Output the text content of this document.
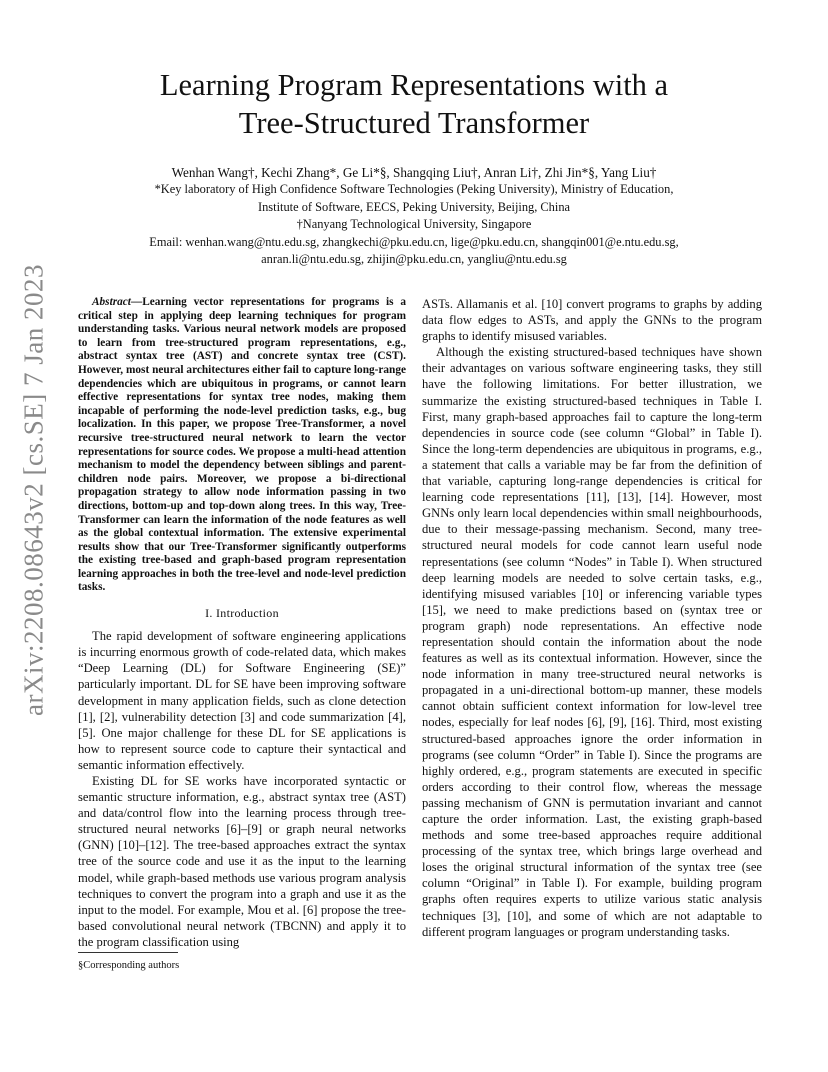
arXiv:2208.08643v2 [cs.SE] 7 Jan 2023
Learning Program Representations with a
Tree-Structured Transformer
Wenhan Wang†, Kechi Zhang*, Ge Li*§, Shangqing Liu†, Anran Li†, Zhi Jin*§, Yang Liu†
*Key laboratory of High Confidence Software Technologies (Peking University), Ministry of Education,
Institute of Software, EECS, Peking University, Beijing, China
†Nanyang Technological University, Singapore
Email: wenhan.wang@ntu.edu.sg, zhangkechi@pku.edu.cn, lige@pku.edu.cn, shangqin001@e.ntu.edu.sg,
anran.li@ntu.edu.sg, zhijin@pku.edu.cn, yangliu@ntu.edu.sg

Abstract—Learning vector representations for programs is a critical step in applying deep learning techniques for program understanding tasks. Various neural network models are proposed to learn from tree-structured program representations, e.g., abstract syntax tree (AST) and concrete syntax tree (CST). However, most neural architectures either fail to capture long-range dependencies which are ubiquitous in programs, or cannot learn effective representations for syntax tree nodes, making them incapable of performing the node-level prediction tasks, e.g., bug localization. In this paper, we propose Tree-Transformer, a novel recursive tree-structured neural network to learn the vector representations for source codes. We propose a multi-head attention mechanism to model the dependency between siblings and parent-children node pairs. Moreover, we propose a bi-directional propagation strategy to allow node information passing in two directions, bottom-up and top-down along trees. In this way, Tree-Transformer can learn the information of the node features as well as the global contextual information. The extensive experimental results show that our Tree-Transformer significantly outperforms the existing tree-based and graph-based program representation learning approaches in both the tree-level and node-level prediction tasks.

I. Introduction

The rapid development of software engineering applications is incurring enormous growth of code-related data, which makes “Deep Learning (DL) for Software Engineering (SE)” particularly important. DL for SE have been improving software development in many application fields, such as clone detection [1], [2], vulnerability detection [3] and code summarization [4], [5]. One major challenge for these DL for SE applications is how to represent source code to capture their syntactical and semantic information effectively.

Existing DL for SE works have incorporated syntactic or semantic structure information, e.g., abstract syntax tree (AST) and data/control flow into the learning process through tree-structured neural networks [6]–[9] or graph neural networks (GNN) [10]–[12]. The tree-based approaches extract the syntax tree of the source code and use it as the input to the learning model, while graph-based methods use various program analysis techniques to convert the program into a graph and use it as the input to the model. For example, Mou et al. [6] propose the tree-based convolutional neural network (TBCNN) and apply it to the program classification using

ASTs. Allamanis et al. [10] convert programs to graphs by adding data flow edges to ASTs, and apply the GNNs to the program graphs to identify misused variables.

Although the existing structured-based techniques have shown their advantages on various software engineering tasks, they still have the following limitations. For better illustration, we summarize the existing structured-based techniques in Table I. First, many graph-based approaches fail to capture the long-term dependencies in source code (see column “Global” in Table I). Since the long-term dependencies are ubiquitous in programs, e.g., a statement that calls a variable may be far from the definition of that variable, capturing long-range dependencies is critical for learning code representations [11], [13], [14]. However, most GNNs only learn local dependencies within small neighbourhoods, due to their message-passing mechanism. Second, many tree-structured neural models for code cannot learn useful node representations (see column “Nodes” in Table I). When structured deep learning models are needed to solve certain tasks, e.g., identifying misused variables [10] or inferencing variable types [15], we need to make predictions based on (syntax tree or program graph) node representations. An effective node representation should contain the information about the node features as well as its contextual information. However, since the node information in many tree-structured neural networks is propagated in a uni-directional bottom-up manner, these models cannot obtain sufficient context information for low-level tree nodes, especially for leaf nodes [6], [9], [16]. Third, most existing structured-based approaches ignore the order information in programs (see column “Order” in Table I). Since the programs are highly ordered, e.g., program statements are executed in specific orders according to their control flow, whereas the message passing mechanism of GNN is permutation invariant and cannot capture the order information. Last, the existing graph-based methods and some tree-based approaches require additional processing of the syntax tree, which brings large overhead and loses the original structural information of the syntax tree (see column “Original” in Table I). For example, building program graphs often requires experts to utilize various static analysis techniques [3], [10], and some of which are not adaptable to different program languages or program understanding tasks.

§Corresponding authors
